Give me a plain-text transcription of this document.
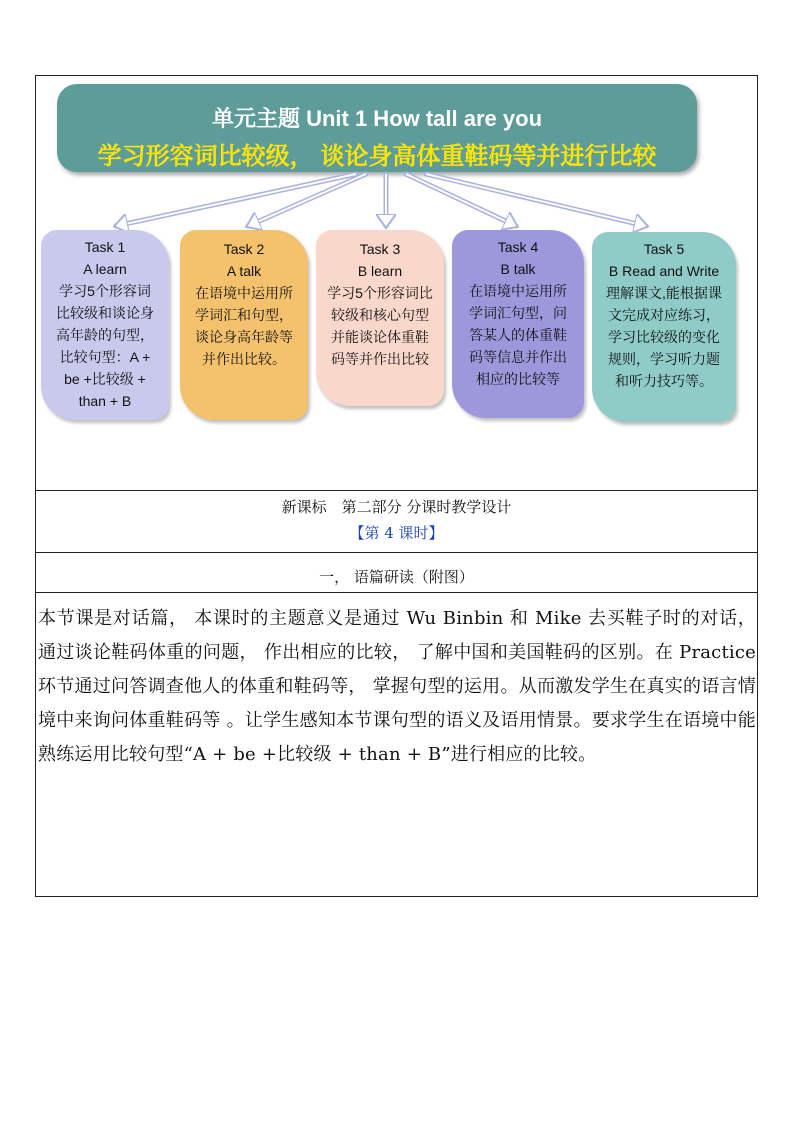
单元主题 Unit 1 How tall are you
学习形容词比较级， 谈论身高体重鞋码等并进行比较
Task 1
A learn
学习5个形容词
比较级和谈论身
高年龄的句型，
比较句型：A +
be +比较级 +
than + B
Task 2
A talk
在语境中运用所
学词汇和句型，
谈论身高年龄等
并作出比较。
Task 3
B learn
学习5个形容词比
较级和核心句型
并能谈论体重鞋
码等并作出比较
Task 4
B talk
在语境中运用所
学词汇句型，问
答某人的体重鞋
码等信息并作出
相应的比较等
Task 5
B Read and Write
理解课文,能根据课
文完成对应练习，
学习比较级的变化
规则，学习听力题
和听力技巧等。
新课标　第二部分 分课时教学设计
【第 4 课时】
一， 语篇研读（附图）
本节课是对话篇， 本课时的主题意义是通过 Wu Binbin 和 Mike 去买鞋子时的对话，通过谈论鞋码体重的问题， 作出相应的比较， 了解中国和美国鞋码的区别。在 Practice 环节通过问答调查他人的体重和鞋码等， 掌握句型的运用。从而激发学生在真实的语言情境中来询问体重鞋码等 。让学生感知本节课句型的语义及语用情景。要求学生在语境中能熟练运用比较句型“A + be +比较级 + than + B”进行相应的比较。
